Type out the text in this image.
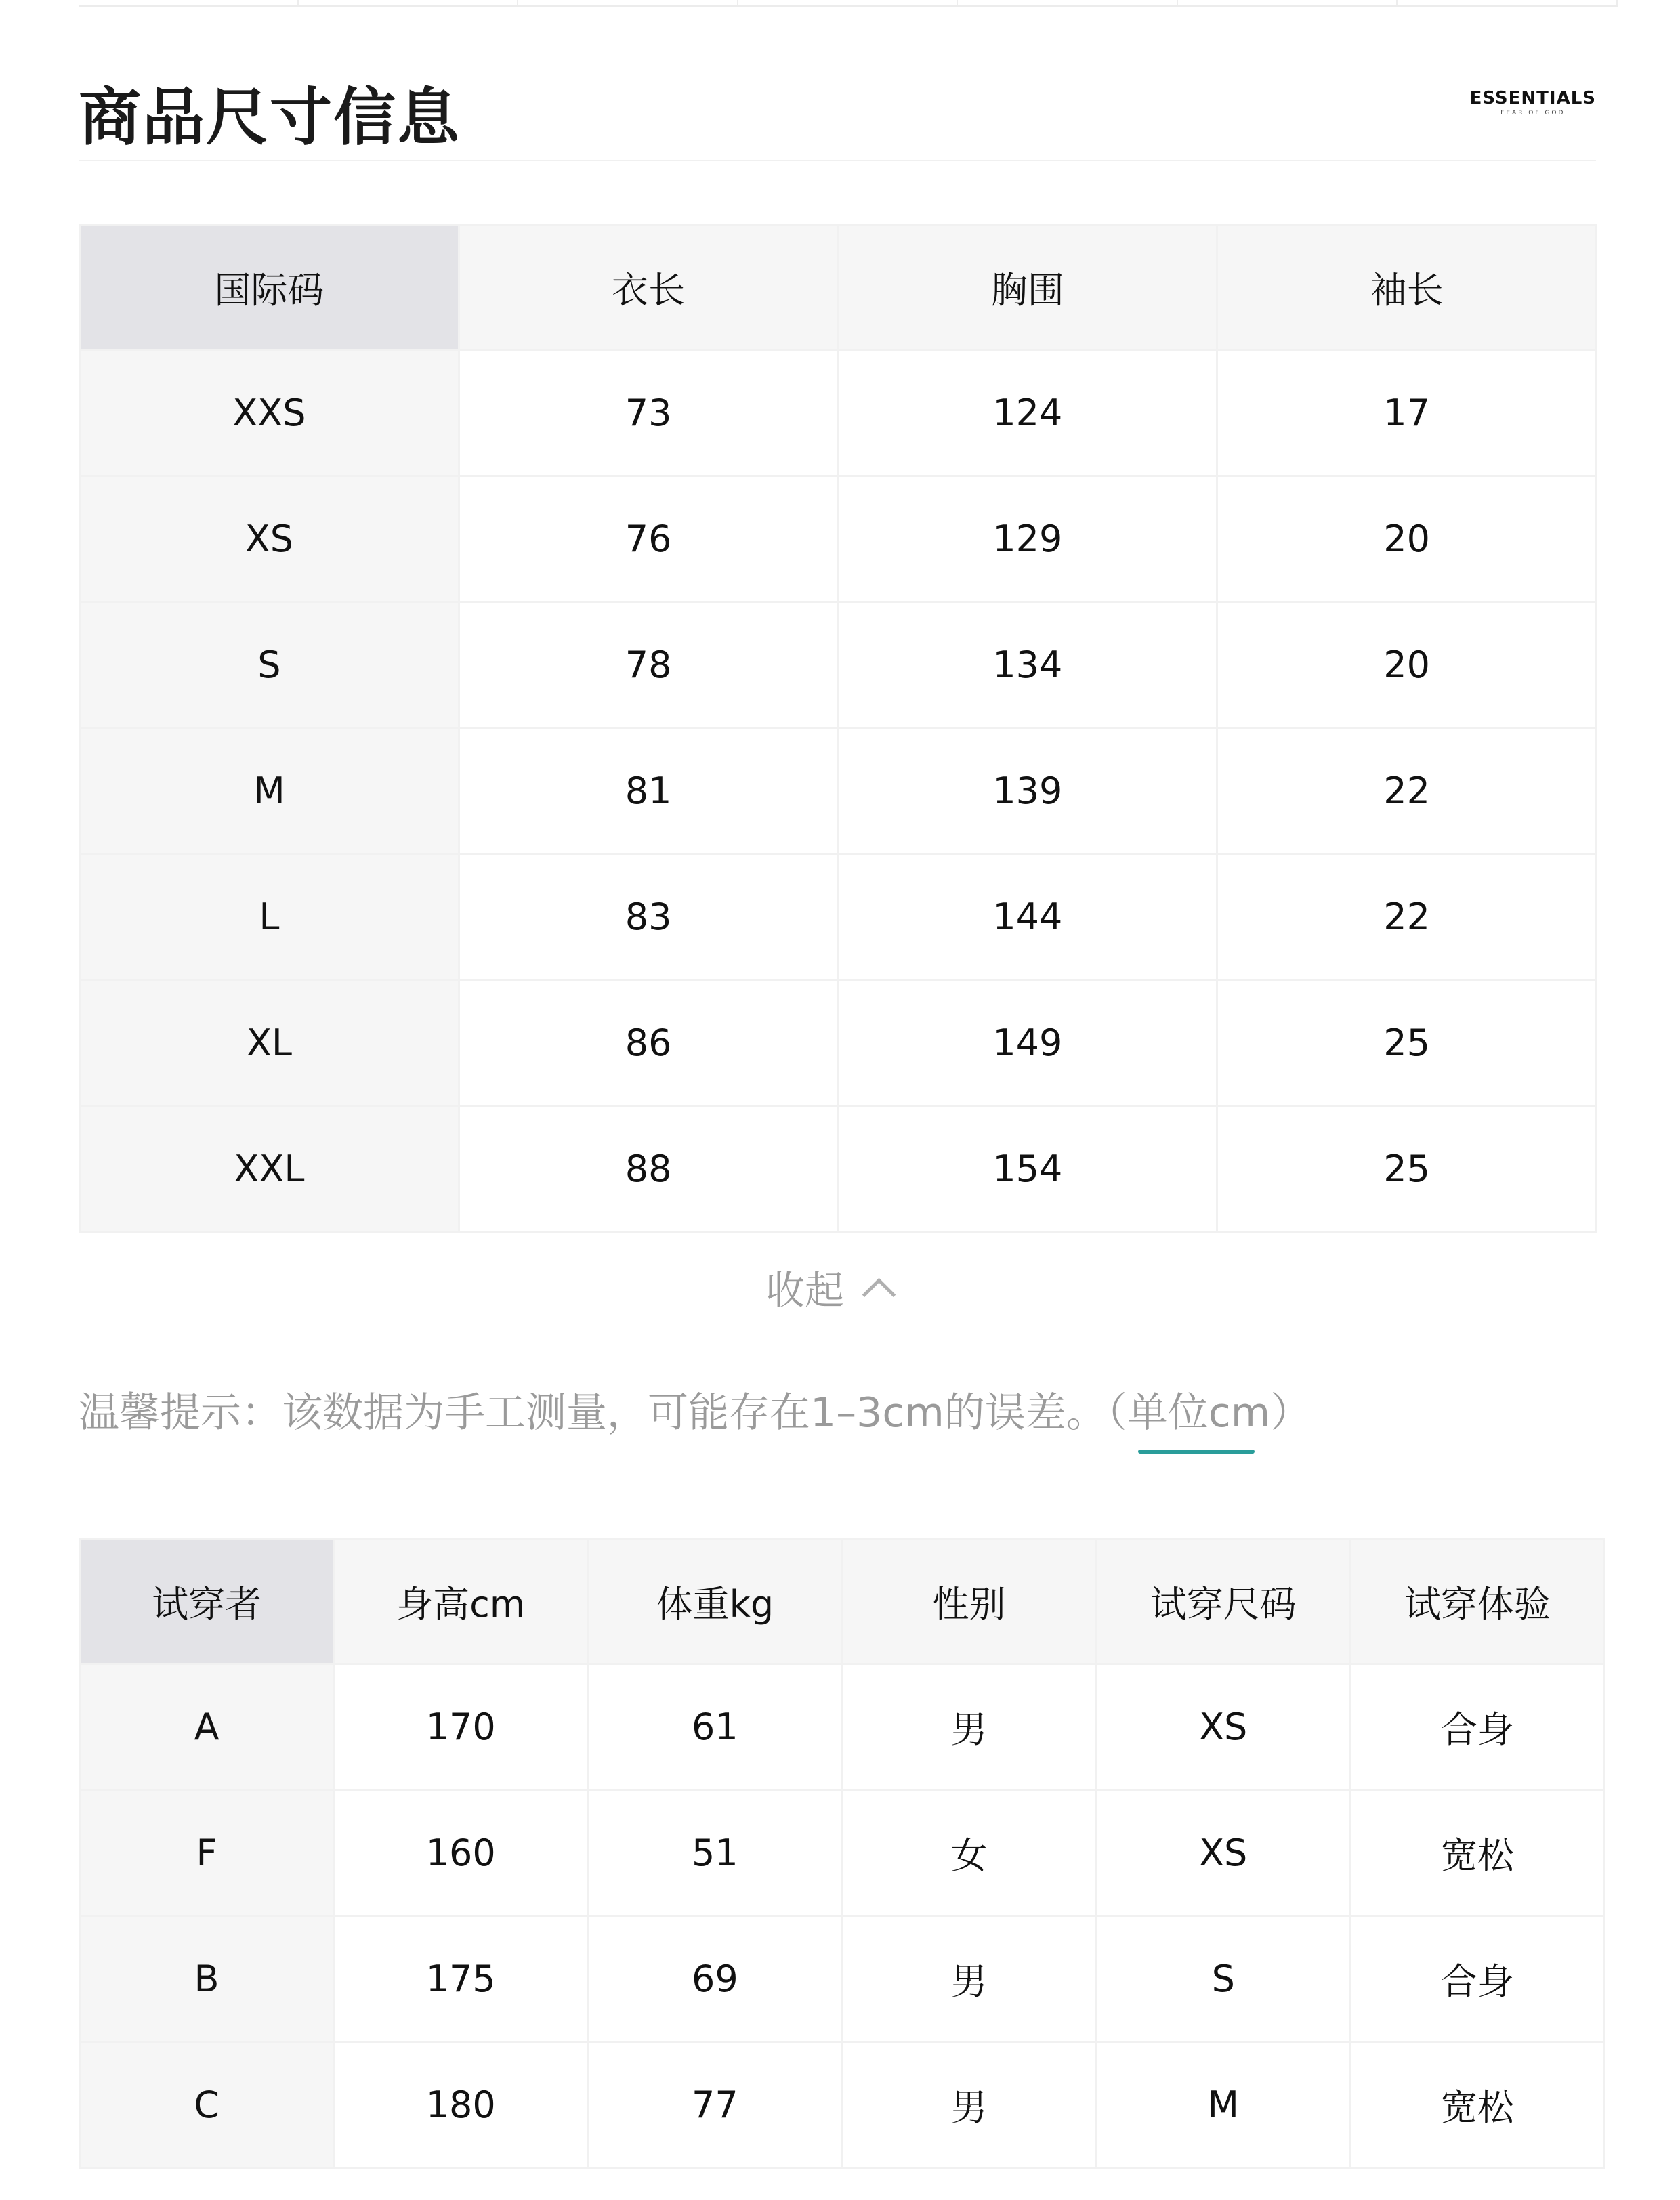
商品尺寸信息	ESSENTIALS
FEAR OF GOD
国际码	衣长	胸围	袖长
XXS	73	124	17
XS	76	129	20
S	78	134	20
M	81	139	22
L	83	144	22
XL	86	149	25
XXL	88	154	25
收起
温馨提示：该数据为手工测量，可能存在1–3cm的误差。（单位cm）
试穿者	身高cm	体重kg	性别	试穿尺码	试穿体验
A	170	61	男	XS	合身
F	160	51	女	XS	宽松
B	175	69	男	S	合身
C	180	77	男	M	宽松
